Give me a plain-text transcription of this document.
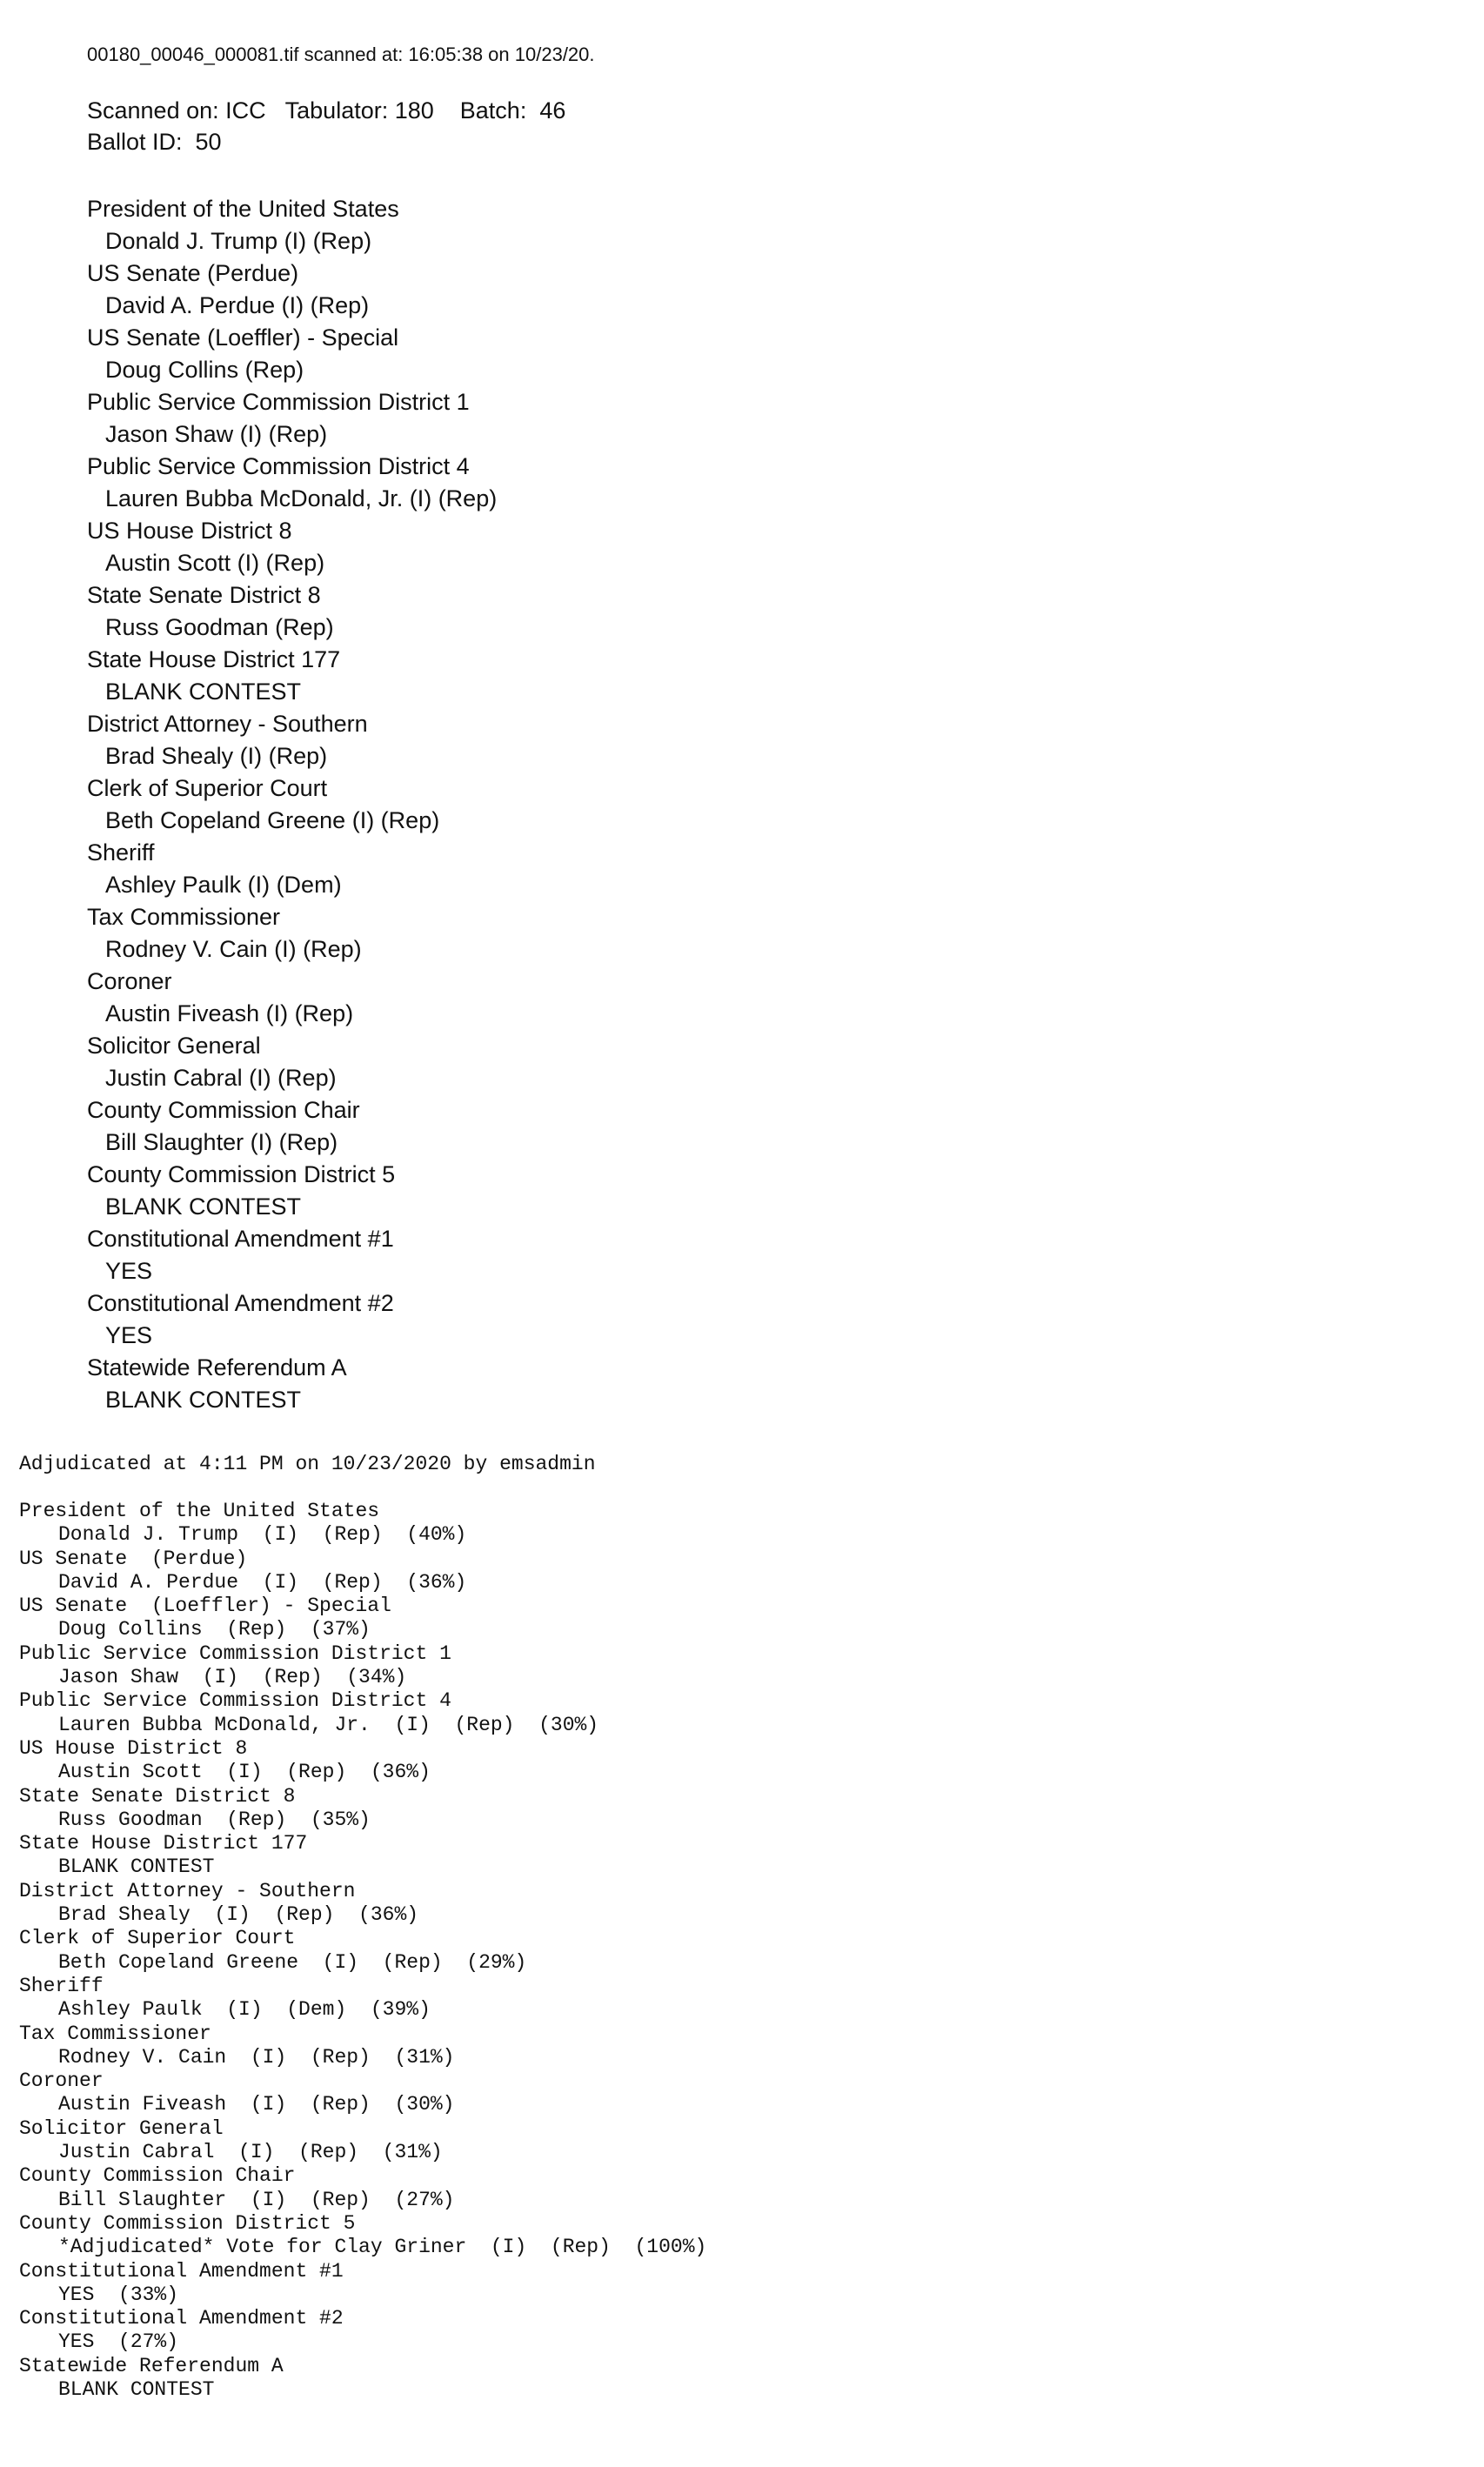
00180_00046_000081.tif scanned at: 16:05:38 on 10/23/20.
Scanned on: ICC   Tabulator: 180    Batch:  46
Ballot ID:  50
President of the United States
Donald J. Trump (I) (Rep)
US Senate (Perdue)
David A. Perdue (I) (Rep)
US Senate (Loeffler) - Special
Doug Collins (Rep)
Public Service Commission District 1
Jason Shaw (I) (Rep)
Public Service Commission District 4
Lauren Bubba McDonald, Jr. (I) (Rep)
US House District 8
Austin Scott (I) (Rep)
State Senate District 8
Russ Goodman (Rep)
State House District 177
BLANK CONTEST
District Attorney - Southern
Brad Shealy (I) (Rep)
Clerk of Superior Court
Beth Copeland Greene (I) (Rep)
Sheriff
Ashley Paulk (I) (Dem)
Tax Commissioner
Rodney V. Cain (I) (Rep)
Coroner
Austin Fiveash (I) (Rep)
Solicitor General
Justin Cabral (I) (Rep)
County Commission Chair
Bill Slaughter (I) (Rep)
County Commission District 5
BLANK CONTEST
Constitutional Amendment #1
YES
Constitutional Amendment #2
YES
Statewide Referendum A
BLANK CONTEST
Adjudicated at 4:11 PM on 10/23/2020 by emsadmin
President of the United States
Donald J. Trump  (I)  (Rep)  (40%)
US Senate  (Perdue)
David A. Perdue  (I)  (Rep)  (36%)
US Senate  (Loeffler) - Special
Doug Collins  (Rep)  (37%)
Public Service Commission District 1
Jason Shaw  (I)  (Rep)  (34%)
Public Service Commission District 4
Lauren Bubba McDonald, Jr.  (I)  (Rep)  (30%)
US House District 8
Austin Scott  (I)  (Rep)  (36%)
State Senate District 8
Russ Goodman  (Rep)  (35%)
State House District 177
BLANK CONTEST
District Attorney - Southern
Brad Shealy  (I)  (Rep)  (36%)
Clerk of Superior Court
Beth Copeland Greene  (I)  (Rep)  (29%)
Sheriff
Ashley Paulk  (I)  (Dem)  (39%)
Tax Commissioner
Rodney V. Cain  (I)  (Rep)  (31%)
Coroner
Austin Fiveash  (I)  (Rep)  (30%)
Solicitor General
Justin Cabral  (I)  (Rep)  (31%)
County Commission Chair
Bill Slaughter  (I)  (Rep)  (27%)
County Commission District 5
*Adjudicated* Vote for Clay Griner  (I)  (Rep)  (100%)
Constitutional Amendment #1
YES  (33%)
Constitutional Amendment #2
YES  (27%)
Statewide Referendum A
BLANK CONTEST
